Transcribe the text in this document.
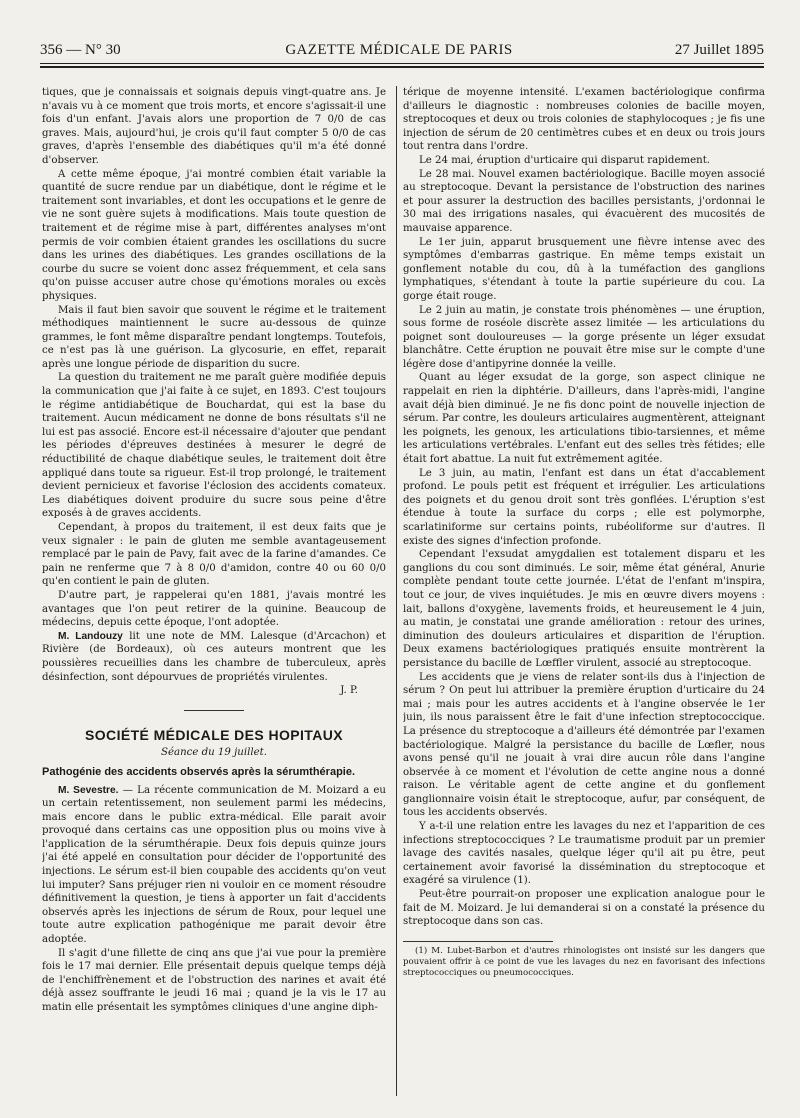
356 — N° 30	GAZETTE MÉDICALE DE PARIS	27 Juillet 1895

tiques, que je connaissais et soignais depuis vingt-quatre ans. Je n'avais vu à ce moment que trois morts, et encore s'agissait-il une fois d'un enfant. J'avais alors une proportion de 7 0/0 de cas graves. Mais, aujourd'hui, je crois qu'il faut compter 5 0/0 de cas graves, d'après l'ensemble des diabétiques qu'il m'a été donné d'observer.

A cette même époque, j'ai montré combien était variable la quantité de sucre rendue par un diabétique, dont le régime et le traitement sont invariables, et dont les occupations et le genre de vie ne sont guère sujets à modifications. Mais toute question de traitement et de régime mise à part, différentes analyses m'ont permis de voir combien étaient grandes les oscillations du sucre dans les urines des diabétiques. Les grandes oscillations de la courbe du sucre se voient donc assez fréquemment, et cela sans qu'on puisse accuser autre chose qu'émotions morales ou excès physiques.

Mais il faut bien savoir que souvent le régime et le traitement méthodiques maintiennent le sucre au-dessous de quinze grammes, le font même disparaître pendant longtemps. Toutefois, ce n'est pas là une guérison. La glycosurie, en effet, reparait après une longue période de disparition du sucre.

La question du traitement ne me paraît guère modifiée depuis la communication que j'ai faite à ce sujet, en 1893. C'est toujours le régime antidiabétique de Bouchardat, qui est la base du traitement. Aucun médicament ne donne de bons résultats s'il ne lui est pas associé. Encore est-il nécessaire d'ajouter que pendant les périodes d'épreuves destinées à mesurer le degré de réductibilité de chaque diabétique seules, le traitement doit être appliqué dans toute sa rigueur. Est-il trop prolongé, le traitement devient pernicieux et favorise l'éclosion des accidents comateux. Les diabétiques doivent produire du sucre sous peine d'être exposés à de graves accidents.

Cependant, à propos du traitement, il est deux faits que je veux signaler : le pain de gluten me semble avantageusement remplacé par le pain de Pavy, fait avec de la farine d'amandes. Ce pain ne renferme que 7 à 8 0/0 d'amidon, contre 40 ou 60 0/0 qu'en contient le pain de gluten.

D'autre part, je rappelerai qu'en 1881, j'avais montré les avantages que l'on peut retirer de la quinine. Beaucoup de médecins, depuis cette époque, l'ont adoptée.

M. Landouzy lit une note de MM. Lalesque (d'Arcachon) et Rivière (de Bordeaux), où ces auteurs montrent que les poussières recueillies dans les chambre de tuberculeux, après désinfection, sont dépourvues de propriétés virulentes.

J. P.
SOCIÉTÉ MÉDICALE DES HOPITAUX
Séance du 19 juillet.
Pathogénie des accidents observés après la sérumthérapie.

M. Sevestre. — La récente communication de M. Moizard a eu un certain retentissement, non seulement parmi les médecins, mais encore dans le public extra-médical. Elle parait avoir provoqué dans certains cas une opposition plus ou moins vive à l'application de la sérumthérapie. Deux fois depuis quinze jours j'ai été appelé en consultation pour décider de l'opportunité des injections. Le sérum est-il bien coupable des accidents qu'on veut lui imputer? Sans préjuger rien ni vouloir en ce moment résoudre définitivement la question, je tiens à apporter un fait d'accidents observés après les injections de sérum de Roux, pour lequel une toute autre explication pathogénique me parait devoir être adoptée.

Il s'agit d'une fillette de cinq ans que j'ai vue pour la première fois le 17 mai dernier. Elle présentait depuis quelque temps déjà de l'enchiffrènement et de l'obstruction des narines et avait été déjà assez souffrante le jeudi 16 mai ; quand je la vis le 17 au matin elle présentait les symptômes cliniques d'une angine diph-

térique de moyenne intensité. L'examen bactériologique confirma d'ailleurs le diagnostic : nombreuses colonies de bacille moyen, streptocoques et deux ou trois colonies de staphylocoques ; je fis une injection de sérum de 20 centimètres cubes et en deux ou trois jours tout rentra dans l'ordre.

Le 24 mai, éruption d'urticaire qui disparut rapidement.

Le 28 mai. Nouvel examen bactériologique. Bacille moyen associé au streptocoque. Devant la persistance de l'obstruction des narines et pour assurer la destruction des bacilles persistants, j'ordonnai le 30 mai des irrigations nasales, qui évacuèrent des mucosités de mauvaise apparence.

Le 1er juin, apparut brusquement une fièvre intense avec des symptômes d'embarras gastrique. En même temps existait un gonflement notable du cou, dû à la tuméfaction des ganglions lymphatiques, s'étendant à toute la partie supérieure du cou. La gorge était rouge.

Le 2 juin au matin, je constate trois phénomènes — une éruption, sous forme de roséole discrète assez limitée — les articulations du poignet sont douloureuses — la gorge présente un léger exsudat blanchâtre. Cette éruption ne pouvait être mise sur le compte d'une légère dose d'antipyrine donnée la veille.

Quant au léger exsudat de la gorge, son aspect clinique ne rappelait en rien la diphtérie. D'ailleurs, dans l'après-midi, l'angine avait déjà bien diminué. Je ne fis donc point de nouvelle injection de sérum. Par contre, les douleurs articulaires augmentèrent, atteignant les poignets, les genoux, les articulations tibio-tarsiennes, et même les articulations vertébrales. L'enfant eut des selles très fétides; elle était fort abattue. La nuit fut extrêmement agitée.

Le 3 juin, au matin, l'enfant est dans un état d'accablement profond. Le pouls petit est fréquent et irrégulier. Les articulations des poignets et du genou droit sont très gonflées. L'éruption s'est étendue à toute la surface du corps ; elle est polymorphe, scarlatiniforme sur certains points, rubéoliforme sur d'autres. Il existe des signes d'infection profonde.

Cependant l'exsudat amygdalien est totalement disparu et les ganglions du cou sont diminués. Le soir, même état général, Anurie complète pendant toute cette journée. L'état de l'enfant m'inspira, tout ce jour, de vives inquiétudes. Je mis en œuvre divers moyens : lait, ballons d'oxygène, lavements froids, et heureusement le 4 juin, au matin, je constatai une grande amélioration : retour des urines, diminution des douleurs articulaires et disparition de l'éruption. Deux examens bactériologiques pratiqués ensuite montrèrent la persistance du bacille de Lœffler virulent, associé au streptocoque.

Les accidents que je viens de relater sont-ils dus à l'injection de sérum ? On peut lui attribuer la première éruption d'urticaire du 24 mai ; mais pour les autres accidents et à l'angine observée le 1er juin, ils nous paraissent être le fait d'une infection streptococcique. La présence du streptocoque a d'ailleurs été démontrée par l'examen bactériologique. Malgré la persistance du bacille de Lœfler, nous avons pensé qu'il ne jouait à vrai dire aucun rôle dans l'angine observée à ce moment et l'évolution de cette angine nous a donné raison. Le véritable agent de cette angine et du gonflement ganglionnaire voisin était le streptocoque, aufur, par conséquent, de tous les accidents observés.

Y a-t-il une relation entre les lavages du nez et l'apparition de ces infections streptococciques ? Le traumatisme produit par un premier lavage des cavités nasales, quelque léger qu'il ait pu être, peut certainement avoir favorisé la dissémination du streptocoque et exagéré sa virulence (1).

Peut-être pourrait-on proposer une explication analogue pour le fait de M. Moizard. Je lui demanderai si on a constaté la présence du streptocoque dans son cas.

(1) M. Lubet-Barbon et d'autres rhinologistes ont insisté sur les dangers que pouvaient offrir à ce point de vue les lavages du nez en favorisant des infections streptococciques ou pneumococciques.
